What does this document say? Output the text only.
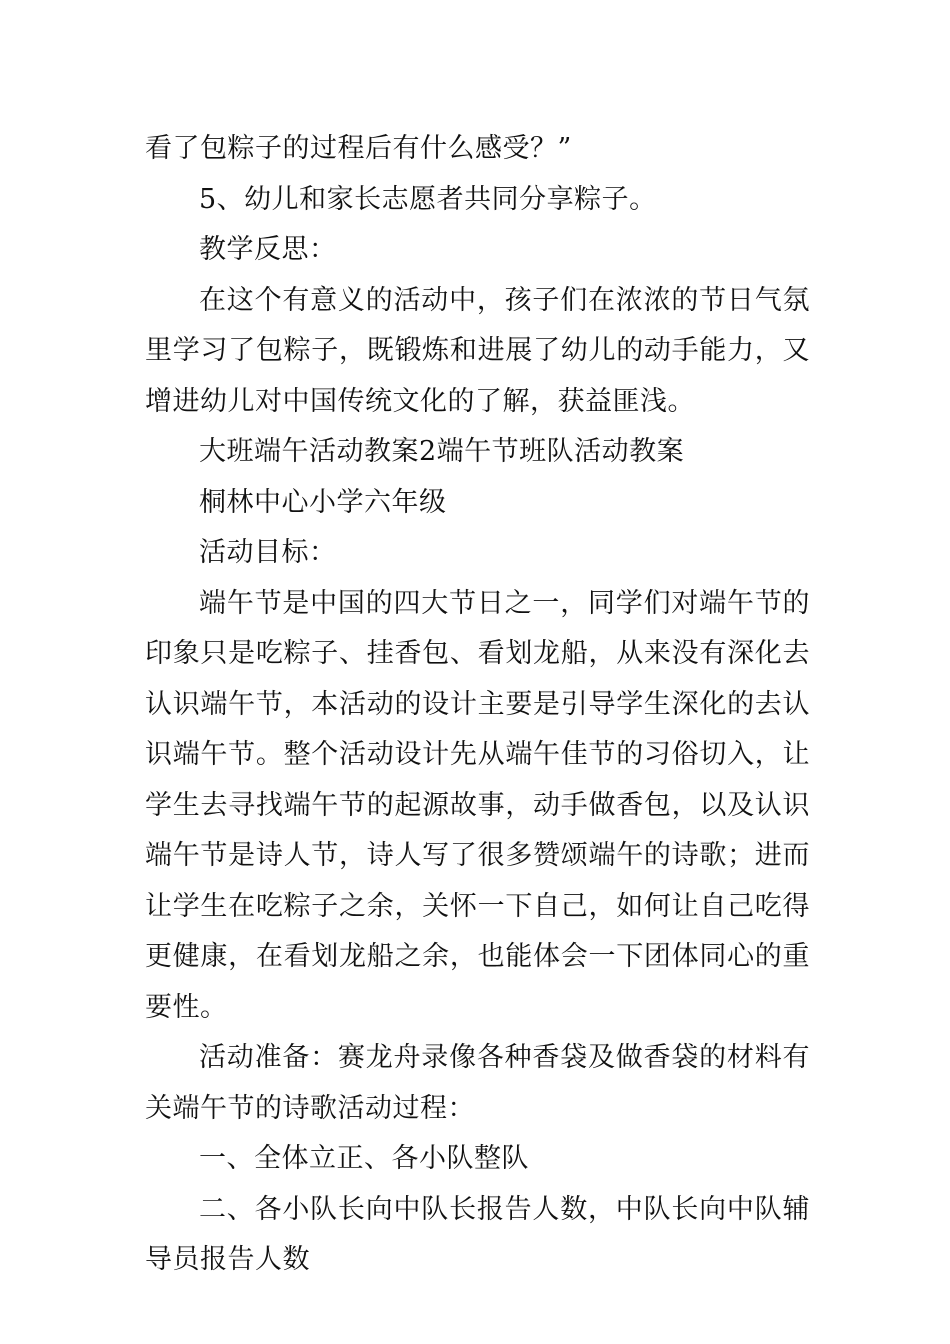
看了包粽子的过程后有什么感受？”

5、幼儿和家长志愿者共同分享粽子。

教学反思：

在这个有意义的活动中，孩子们在浓浓的节日气氛里学习了包粽子，既锻炼和进展了幼儿的动手能力，又增进幼儿对中国传统文化的了解，获益匪浅。

大班端午活动教案2端午节班队活动教案

桐林中心小学六年级

活动目标：

端午节是中国的四大节日之一，同学们对端午节的印象只是吃粽子、挂香包、看划龙船，从来没有深化去认识端午节，本活动的设计主要是引导学生深化的去认识端午节。整个活动设计先从端午佳节的习俗切入，让学生去寻找端午节的起源故事，动手做香包，以及认识端午节是诗人节，诗人写了很多赞颂端午的诗歌；进而让学生在吃粽子之余，关怀一下自己，如何让自己吃得更健康，在看划龙船之余，也能体会一下团体同心的重要性。

活动准备：赛龙舟录像各种香袋及做香袋的材料有关端午节的诗歌活动过程：

一、全体立正、各小队整队

二、各小队长向中队长报告人数，中队长向中队辅导员报告人数
